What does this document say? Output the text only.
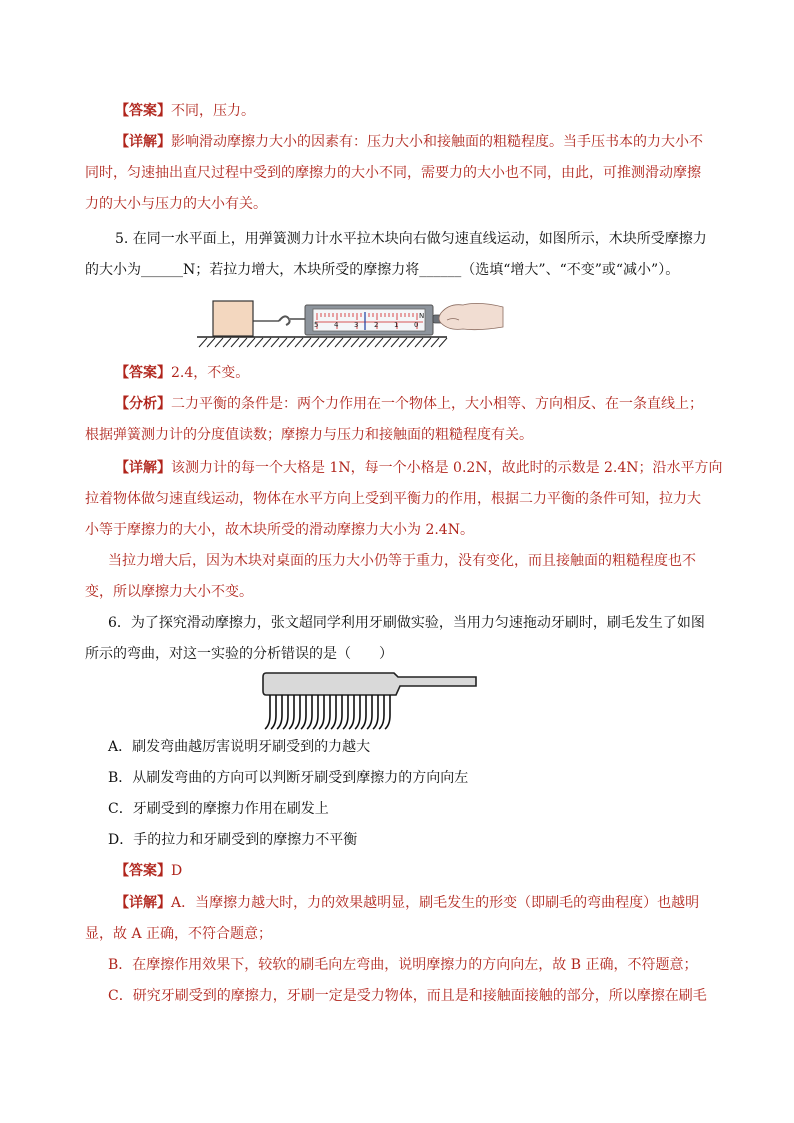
【答案】不同，压力。
【详解】影响滑动摩擦力大小的因素有：压力大小和接触面的粗糙程度。当手压书本的力大小不
同时，匀速抽出直尺过程中受到的摩擦力的大小不同，需要力的大小也不同，由此，可推测滑动摩擦
力的大小与压力的大小有关。
5. 在同一水平面上，用弹簧测力计水平拉木块向右做匀速直线运动，如图所示，木块所受摩擦力
的大小为______N；若拉力增大，木块所受的摩擦力将______（选填“增大”、“不变”或“减小”）。
5 4 3 2 1 0
N
【答案】2.4，不变。
【分析】二力平衡的条件是：两个力作用在一个物体上，大小相等、方向相反、在一条直线上；
根据弹簧测力计的分度值读数；摩擦力与压力和接触面的粗糙程度有关。
【详解】该测力计的每一个大格是 1N，每一个小格是 0.2N，故此时的示数是 2.4N；沿水平方向
拉着物体做匀速直线运动，物体在水平方向上受到平衡力的作用，根据二力平衡的条件可知，拉力大
小等于摩擦力的大小，故木块所受的滑动摩擦力大小为 2.4N。
当拉力增大后，因为木块对桌面的压力大小仍等于重力，没有变化，而且接触面的粗糙程度也不
变，所以摩擦力大小不变。
6．为了探究滑动摩擦力，张文超同学利用牙刷做实验，当用力匀速拖动牙刷时，刷毛发生了如图
所示的弯曲，对这一实验的分析错误的是（　　）
A．刷发弯曲越厉害说明牙刷受到的力越大
B．从刷发弯曲的方向可以判断牙刷受到摩擦力的方向向左
C．牙刷受到的摩擦力作用在刷发上
D．手的拉力和牙刷受到的摩擦力不平衡
【答案】D
【详解】A．当摩擦力越大时，力的效果越明显，刷毛发生的形变（即刷毛的弯曲程度）也越明
显，故 A 正确，不符合题意；
B．在摩擦作用效果下，较软的刷毛向左弯曲，说明摩擦力的方向向左，故 B 正确，不符题意；
C．研究牙刷受到的摩擦力，牙刷一定是受力物体，而且是和接触面接触的部分，所以摩擦在刷毛
